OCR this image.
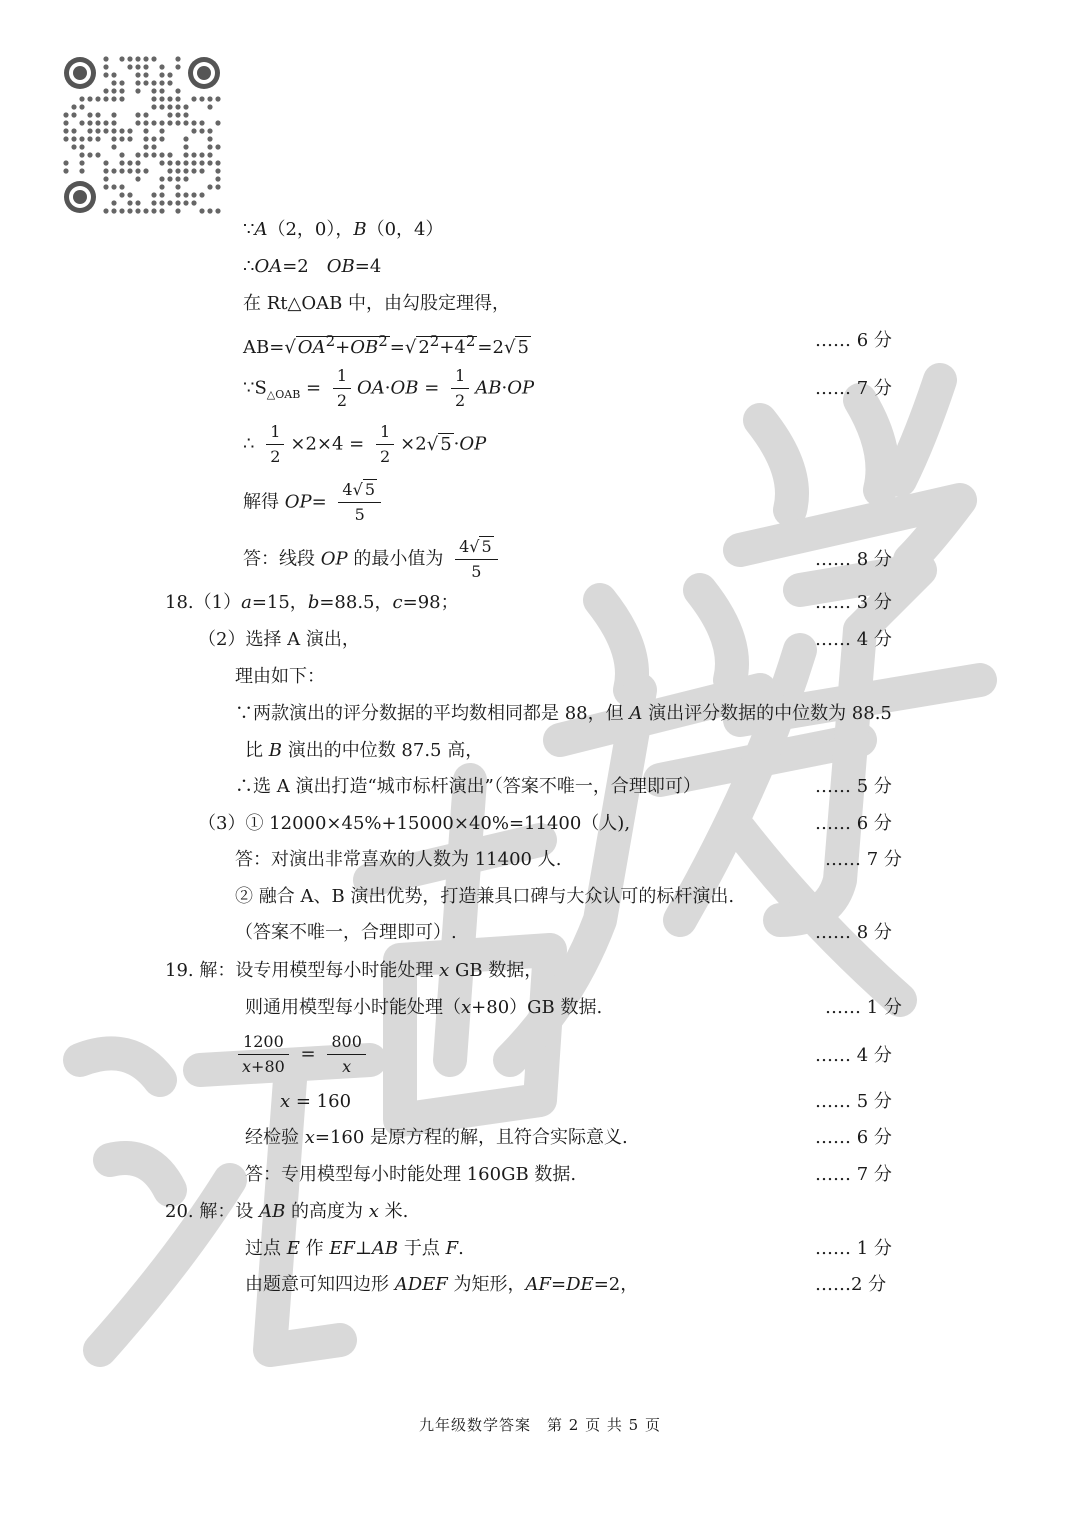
∵A（2，0），B（0，4）
∴OA=2　OB=4
在 Rt△OAB 中，由勾股定理得，
AB=√ $OA^2+OB^2$ =√ $2^2+4^2 =2√$ 5	…… 6 分
$\because S_{\triangle OAB} = \frac{1}{2} OA\cdot OB = \frac{1}{2} AB\cdot OP$	…… 7 分
∴ $\frac{1}{2} \times 2\times 4 = \frac{1}{2} \times 2√$ 5 ·OP
解得 $OP= \frac{4√ 5}{5}$
答：线段 OP 的最小值为 $\frac{4√ 5}{5}$	…… 8 分
18.（1）a=15，b=88.5，c=98；	…… 3 分
（2）选择 A 演出，	…… 4 分
理由如下：
∵两款演出的评分数据的平均数相同都是 88，但 A 演出评分数据的中位数为 88.5
比 B 演出的中位数 87.5 高，
∴选 A 演出打造“城市标杆演出”（答案不唯一，合理即可）	…… 5 分
（3）① 12000×45%+15000×40%=11400（人),	…… 6 分
答：对演出非常喜欢的人数为 11400 人.	…… 7 分
② 融合 A、B 演出优势，打造兼具口碑与大众认可的标杆演出.
（答案不唯一，合理即可）.	…… 8 分
19. 解：设专用模型每小时能处理 x GB 数据，
则通用模型每小时能处理（x+80）GB 数据.	…… 1 分
$\frac{1200}{x+80} = \frac{800}{x}$	…… 4 分
x = 160	…… 5 分
经检验 x=160 是原方程的解，且符合实际意义.	…… 6 分
答：专用模型每小时能处理 160GB 数据.	…… 7 分
20. 解：设 AB 的高度为 x 米.
过点 E 作 EF⊥AB 于点 F.	…… 1 分
由题意可知四边形 ADEF 为矩形，AF=DE=2，	……2 分
九年级数学答案　第 2 页 共 5 页
